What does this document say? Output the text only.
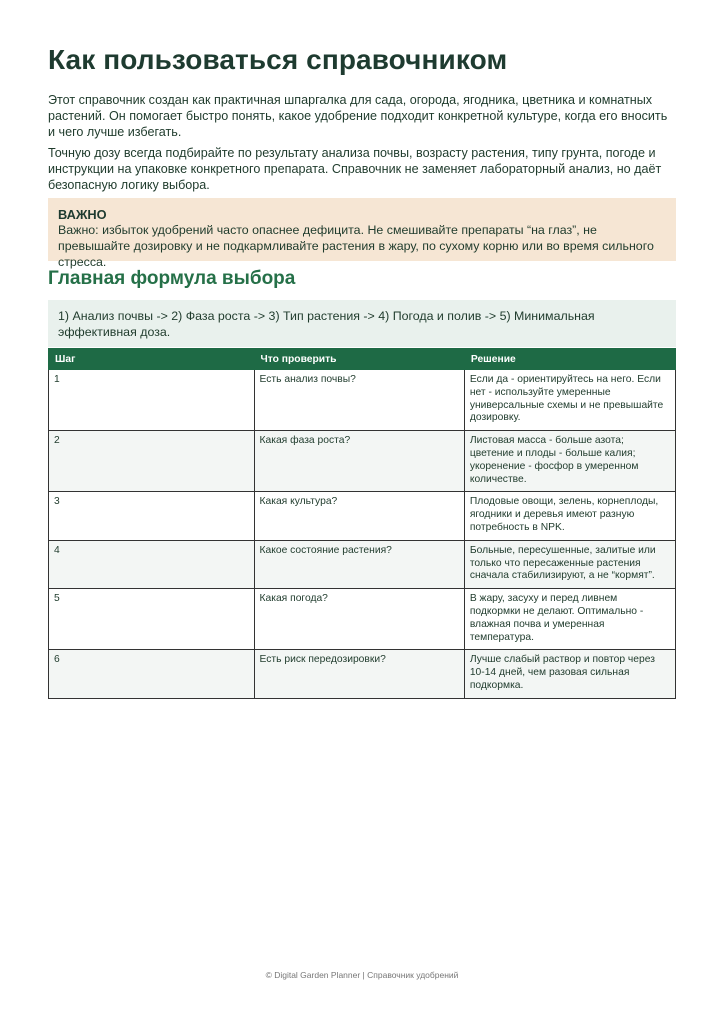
Как пользоваться справочником

Этот справочник создан как практичная шпаргалка для сада, огорода, ягодника, цветника и комнатных растений. Он помогает быстро понять, какое удобрение подходит конкретной культуре, когда его вносить и чего лучше избегать.

Точную дозу всегда подбирайте по результату анализа почвы, возрасту растения, типу грунта, погоде и инструкции на упаковке конкретного препарата. Справочник не заменяет лабораторный анализ, но даёт безопасную логику выбора.

ВАЖНО
Важно: избыток удобрений часто опаснее дефицита. Не смешивайте препараты “на глаз”, не превышайте дозировку и не подкармливайте растения в жару, по сухому корню или во время сильного стресса.
Главная формула выбора
1) Анализ почвы -> 2) Фаза роста -> 3) Тип растения -> 4) Погода и полив -> 5) Минимальная эффективная доза.
Шаг	Что проверить	Решение
1	Есть анализ почвы?	Если да - ориентируйтесь на него. Если нет - используйте умеренные универсальные схемы и не превышайте дозировку.
2	Какая фаза роста?	Листовая масса - больше азота; цветение и плоды - больше калия; укоренение - фосфор в умеренном количестве.
3	Какая культура?	Плодовые овощи, зелень, корнеплоды, ягодники и деревья имеют разную потребность в NPK.
4	Какое состояние растения?	Больные, пересушенные, залитые или только что пересаженные растения сначала стабилизируют, а не “кормят”.
5	Какая погода?	В жару, засуху и перед ливнем подкормки не делают. Оптимально - влажная почва и умеренная температура.
6	Есть риск передозировки?	Лучше слабый раствор и повтор через 10-14 дней, чем разовая сильная подкормка.
© Digital Garden Planner | Справочник удобрений
